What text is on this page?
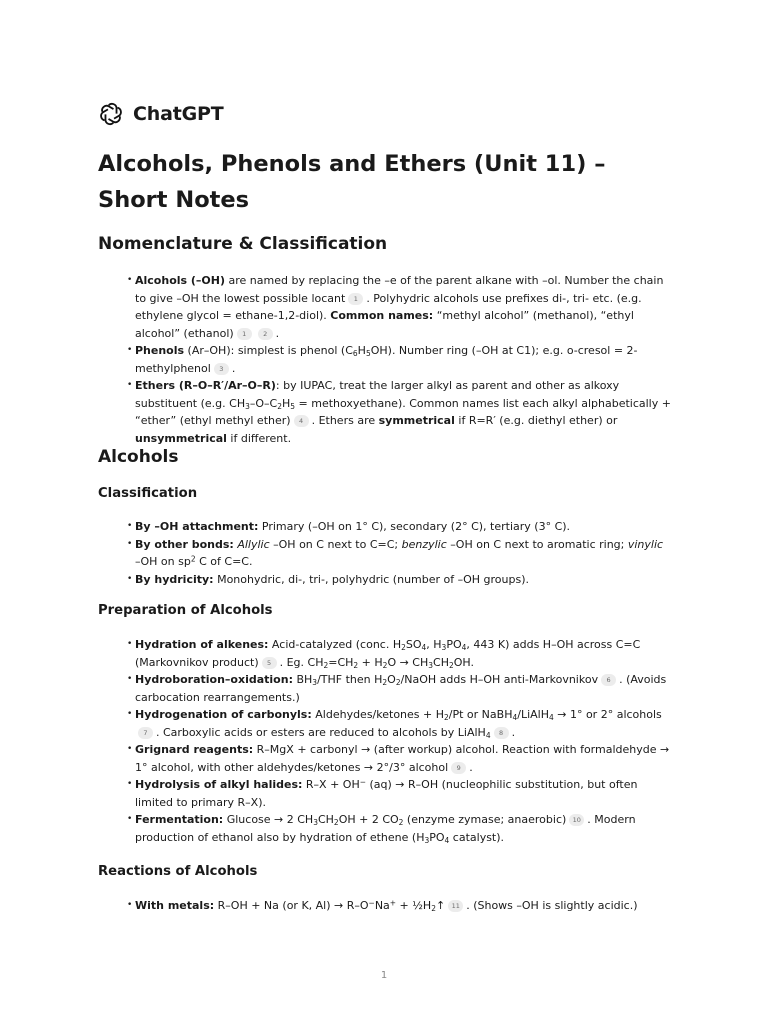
ChatGPT
Alcohols, Phenols and Ethers (Unit 11) – Short Notes
Nomenclature & Classification
• Alcohols (–OH) are named by replacing the –e of the parent alkane with –ol. Number the chain to give –OH the lowest possible locant 1 . Polyhydric alcohols use prefixes di-, tri- etc. (e.g. ethylene glycol = ethane-1,2-diol). Common names: “methyl alcohol” (methanol), “ethyl alcohol” (ethanol) 1	2 .
• Phenols (Ar–OH): simplest is phenol $(C_6H_5OH)$. Number ring (–OH at C1); e.g. o-cresol = 2-methylphenol 3 .
• Ethers (R–O–R′/Ar–O–R): by IUPAC, treat the larger alkyl as parent and other as alkoxy substituent (e.g. $CH_3-O-C_2H_5$ = methoxyethane). Common names list each alkyl alphabetically + “ether” (ethyl methyl ether) 4 . Ethers are symmetrical if R=R′ (e.g. diethyl ether) or unsymmetrical if different.
Alcohols
Classification
• By –OH attachment: Primary (–OH on 1° C), secondary (2° C), tertiary (3° C).
• By other bonds: Allylic –OH on C next to C=C; benzylic –OH on C next to aromatic ring; vinylic –OH on $sp^2$ C of C=C.
• By hydricity: Monohydric, di-, tri-, polyhydric (number of –OH groups).
Preparation of Alcohols
• Hydration of alkenes: Acid-catalyzed (conc. $H_2SO_4$, $H_3PO_4$, 443 K) adds H–OH across C=C (Markovnikov product) 5 . Eg. $CH_2=CH_2 + H_2O \to CH_3CH_2OH$.
• Hydroboration–oxidation: $BH_3$/THF then $H_2O_2$/NaOH adds H–OH anti-Markovnikov 6 . (Avoids carbocation rearrangements.)
• Hydrogenation of carbonyls: Aldehydes/ketones + $H_2/Pt$ or NaBH$_4$/LiAlH$_4$ → 1° or 2° alcohols7 . Carboxylic acids or esters are reduced to alcohols by LiAlH$_4$ 8 .
• Grignard reagents: R–MgX + carbonyl → (after workup) alcohol. Reaction with formaldehyde → 1° alcohol, with other aldehydes/ketones → 2°/3° alcohol 9 .
• Hydrolysis of alkyl halides: R–X + OH− (aq) → R–OH (nucleophilic substitution, but often limited to primary R–X).
• Fermentation: Glucose → 2 $CH_3CH_2OH + 2$ $CO_2$ (enzyme zymase; anaerobic) 10 . Modern production of ethanol also by hydration of ethene ($H_3PO_4$ catalyst).
Reactions of Alcohols
• With metals: R–OH + Na (or K, $Al) \to R-O^-Na^+ + \frac{1}{2}H_2↑$ 11 . (Shows –OH is slightly acidic.)
1
